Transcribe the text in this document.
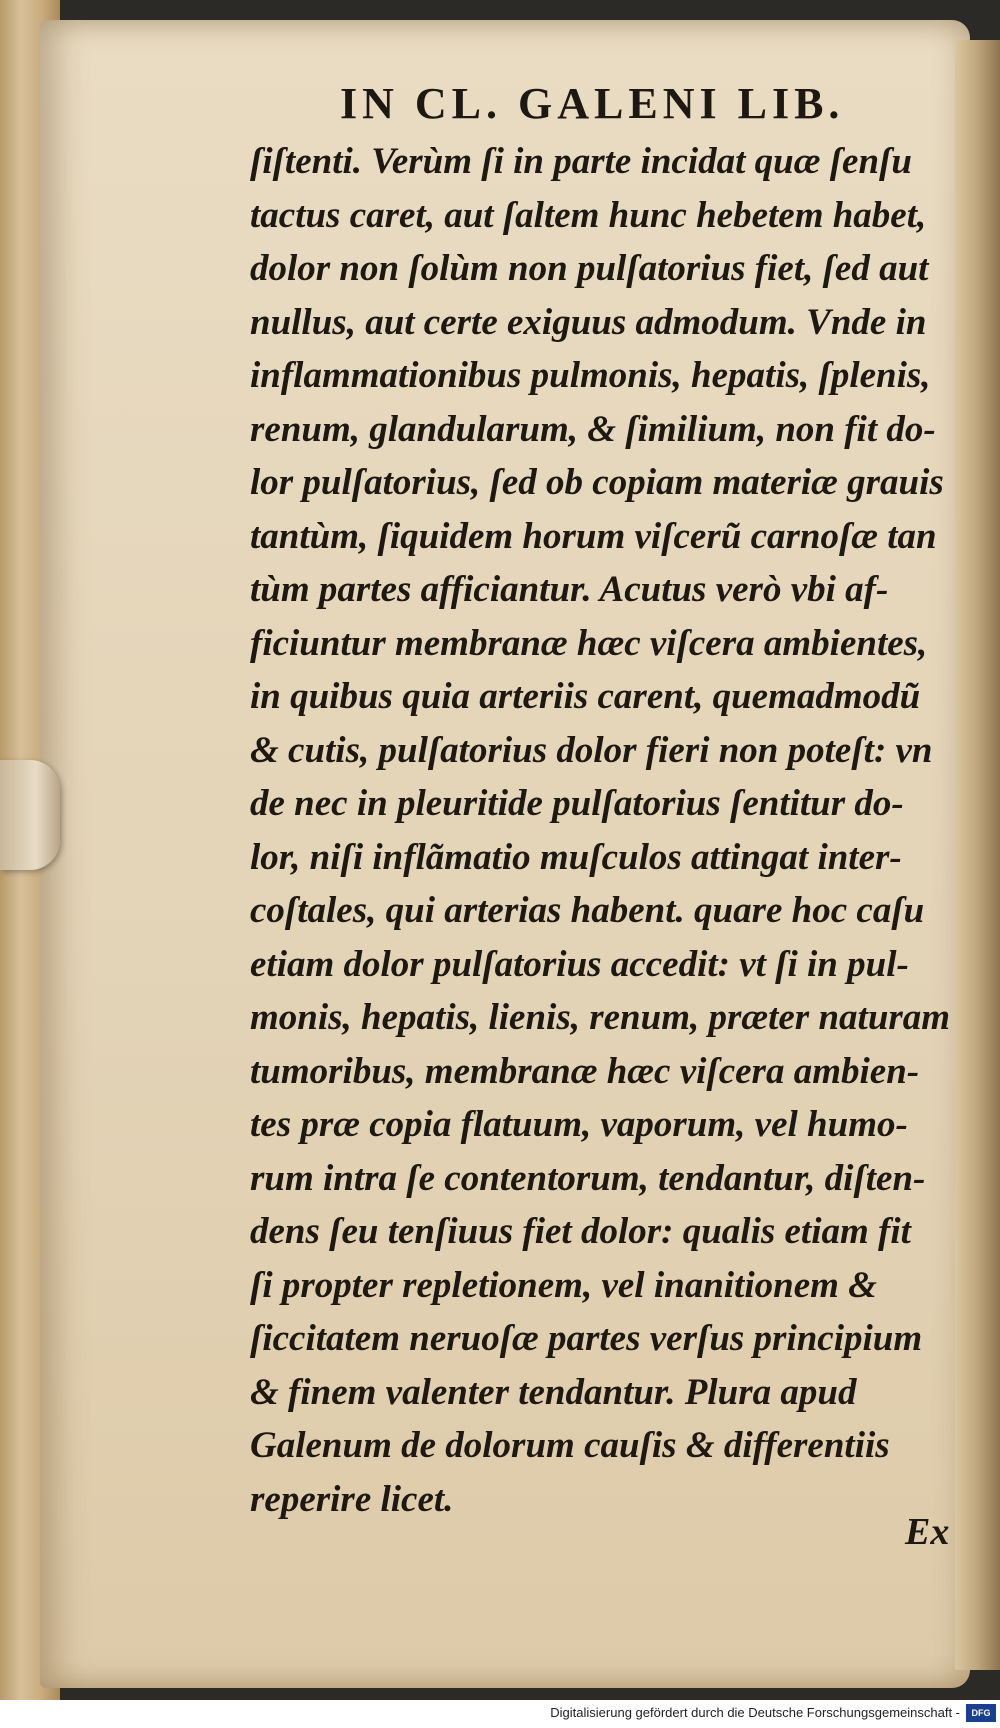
IN CL. GALENI LIB.
ſiſtenti. Verùm ſi in parte incidat quæ ſenſu
tactus caret, aut ſaltem hunc hebetem habet,
dolor non ſolùm non pulſatorius fiet, ſed aut
nullus, aut certe exiguus admodum. Vnde in
inflammationibus pulmonis, hepatis, ſplenis,
renum, glandularum, & ſimilium, non fit do-
lor pulſatorius, ſed ob copiam materiæ grauis
tantùm, ſiquidem horum viſcerũ carnoſæ tan
tùm partes afficiantur. Acutus verò vbi af-
ficiuntur membranæ hæc viſcera ambientes,
in quibus quia arteriis carent, quemadmodũ
& cutis, pulſatorius dolor fieri non poteſt: vn
de nec in pleuritide pulſatorius ſentitur do-
lor, niſi inflãmatio muſculos attingat inter-
coſtales, qui arterias habent. quare hoc caſu
etiam dolor pulſatorius accedit: vt ſi in pul-
monis, hepatis, lienis, renum, præter naturam
tumoribus, membranæ hæc viſcera ambien-
tes præ copia flatuum, vaporum, vel humo-
rum intra ſe contentorum, tendantur, diſten-
dens ſeu tenſiuus fiet dolor: qualis etiam fit
ſi propter repletionem, vel inanitionem &
ſiccitatem neruoſæ partes verſus principium
& finem valenter tendantur. Plura apud
Galenum de dolorum cauſis & differentiis
reperire licet.
Ex
Digitalisierung gefördert durch die Deutsche Forschungsgemeinschaft -	DFG
